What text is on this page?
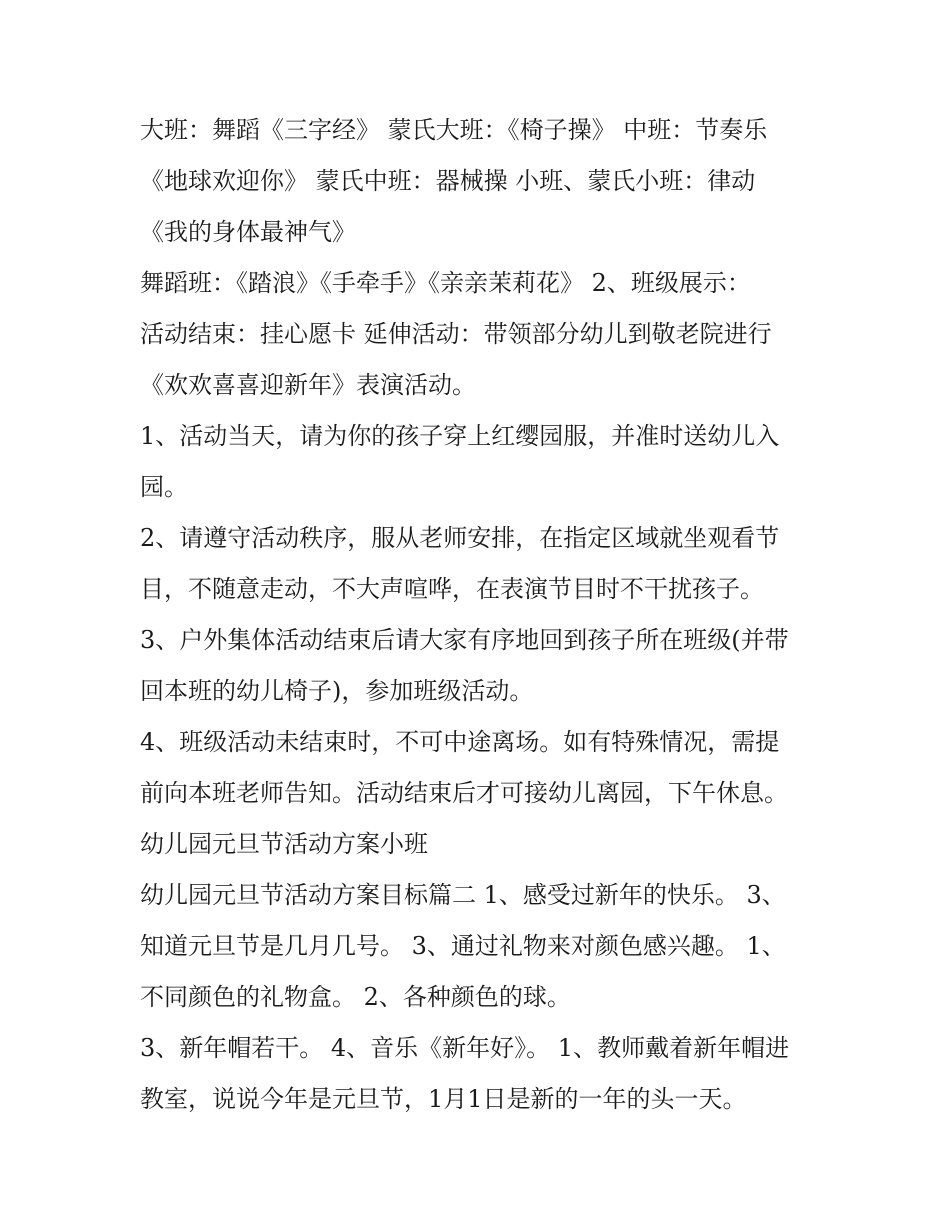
大班：舞蹈《三字经》 蒙氏大班：《椅子操》 中班：节奏乐
《地球欢迎你》 蒙氏中班：器械操 小班、蒙氏小班：律动
《我的身体最神气》
舞蹈班：《踏浪》《手牵手》《亲亲茉莉花》 2、班级展示：
活动结束：挂心愿卡 延伸活动：带领部分幼儿到敬老院进行
《欢欢喜喜迎新年》表演活动。
1、活动当天，请为你的孩子穿上红缨园服，并准时送幼儿入
园。
2、请遵守活动秩序，服从老师安排，在指定区域就坐观看节
目，不随意走动，不大声喧哗，在表演节目时不干扰孩子。
3、户外集体活动结束后请大家有序地回到孩子所在班级(并带
回本班的幼儿椅子)，参加班级活动。
4、班级活动未结束时，不可中途离场。如有特殊情况，需提
前向本班老师告知。活动结束后才可接幼儿离园，下午休息。
幼儿园元旦节活动方案小班
幼儿园元旦节活动方案目标篇二 1、感受过新年的快乐。 3、
知道元旦节是几月几号。 3、通过礼物来对颜色感兴趣。 1、
不同颜色的礼物盒。 2、各种颜色的球。
3、新年帽若干。 4、音乐《新年好》。 1、教师戴着新年帽进
教室，说说今年是元旦节，1月1日是新的一年的头一天。
